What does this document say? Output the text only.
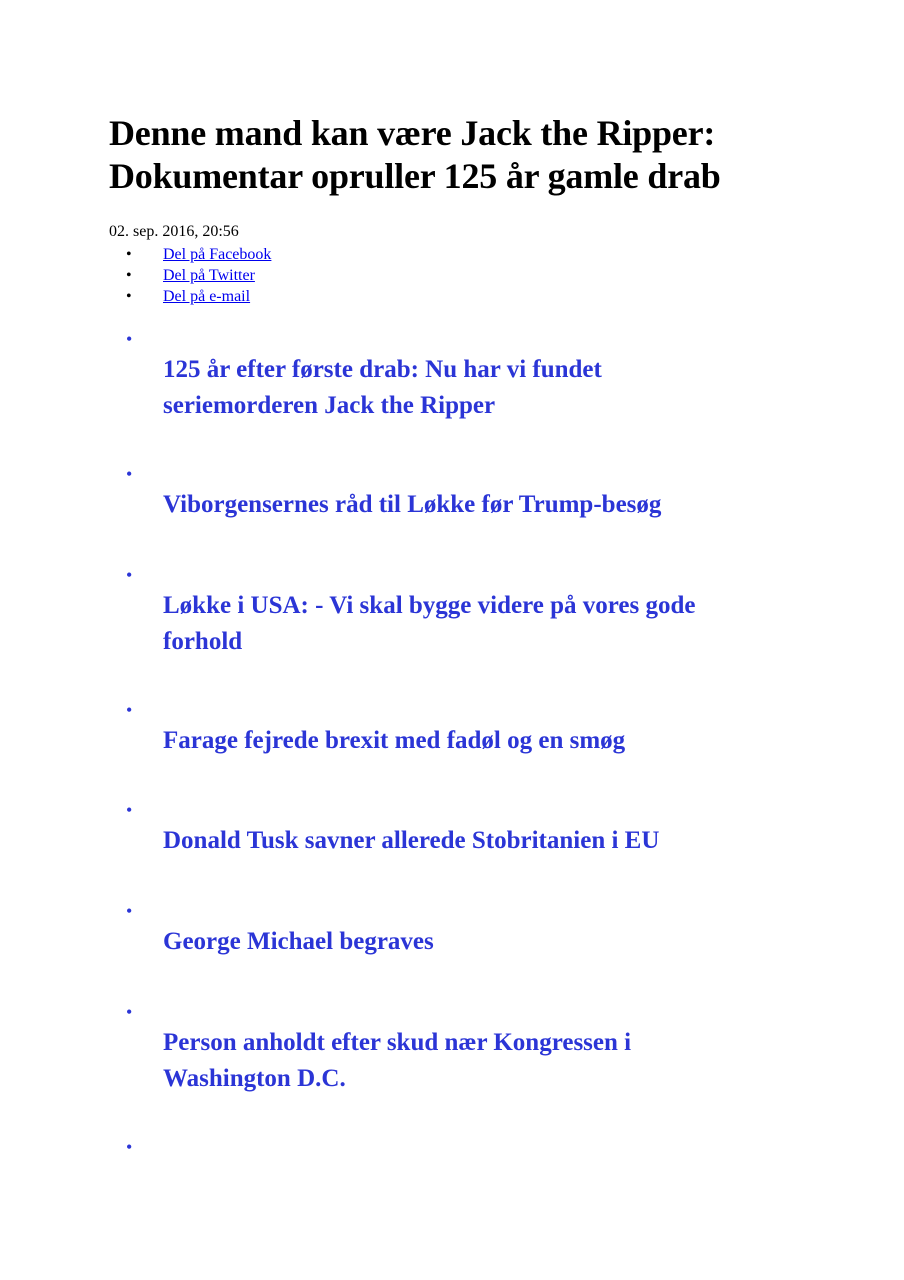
Denne mand kan være Jack the Ripper:
Dokumentar opruller 125 år gamle drab
02. sep. 2016, 20:56
• Del på Facebook
• Del på Twitter
• Del på e-mail
•
125 år efter første drab: Nu har vi fundet
seriemorderen Jack the Ripper
•
Viborgensernes råd til Løkke før Trump-besøg
•
Løkke i USA: - Vi skal bygge videre på vores gode
forhold
•
Farage fejrede brexit med fadøl og en smøg
•
Donald Tusk savner allerede Stobritanien i EU
•
George Michael begraves
•
Person anholdt efter skud nær Kongressen i
Washington D.C.
•
